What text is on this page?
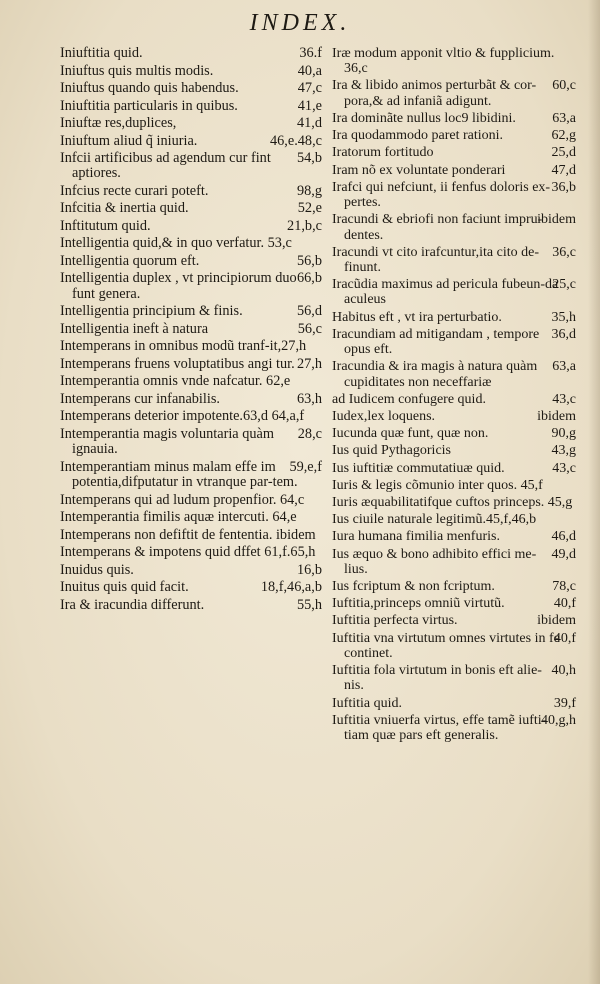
INDEX.
36.f
Iniuftitia quid.
40,a
Iniuftus quis multis modis.
47,c
Iniuftus quando quis habendus.
41,e
Iniuftitia particularis in quibus.
41,d
Iniuftæ res,duplices,
46,e.48,c
Iniuftum aliud q̃ iniuria.
54,b
Infcii artificibus ad agendum cur fint aptiores.
98,g
Infcius recte curari poteft.
52,e
Infcitia & inertia quid.
21,b,c
Inftitutum quid.
Intelligentia quid,& in quo verfatur. 53,c
56,b
Intelligentia quorum eft.
66,b
Intelligentia duplex , vt principiorum duo funt genera.
56,d
Intelligentia principium & finis.
56,c
Intelligentia ineft à natura
Intemperans in omnibus modũ tranf-it,27,h
27,h
Intemperans fruens voluptatibus angi tur.
Intemperantia omnis vnde nafcatur. 62,e
63,h
Intemperans cur infanabilis.
Intemperans deterior impotente.63,d 64,a,f
28,c
Intemperantia magis voluntaria quàm ignauia.
59,e,f
Intemperantiam minus malam effe im potentia,difputatur in vtranque par-tem.
Intemperans qui ad ludum propenfior. 64,c
Intemperantia fimilis aquæ intercuti. 64,e
Intemperans non defiftit de fententia. ibidem
Intemperans & impotens quid dffet 61,f.65,h
16,b
Inuidus quis.
18,f,46,a,b
Inuitus quis quid facit.
55,h
Ira & iracundia differunt.
Iræ modum apponit vltio & fupplicium. 36,c
60,c
Ira & libido animos perturbãt & cor-pora,& ad infaniã adigunt.
63,a
Ira dominãte nullus loc9 libidini.
62,g
Ira quodammodo paret rationi.
25,d
Iratorum fortitudo
47,d
Iram nõ ex voluntate ponderari
36,b
Irafci qui nefciunt, ii fenfus doloris ex-pertes.
ibidem
Iracundi & ebriofi non faciunt impru-dentes.
36,c
Iracundi vt cito irafcuntur,ita cito de-finunt.
25,c
Iracũdia maximus ad pericula fubeun-da aculeus
35,h
Habitus eft , vt ira perturbatio.
36,d
Iracundiam ad mitigandam , tempore opus eft.
63,a
Iracundia & ira magis à natura quàm cupiditates non neceffariæ
43,c
ad Iudicem confugere quid.
ibidem
Iudex,lex loquens.
90,g
Iucunda quæ funt, quæ non.
43,g
Ius quid Pythagoricis
43,c
Ius iuftitiæ commutatiuæ quid.
Iuris & legis cõmunio inter quos. 45,f
Iuris æquabilitatifque cuftos princeps. 45,g
Ius ciuile naturale legitimũ.45,f,46,b
46,d
Iura humana fimilia menfuris.
49,d
Ius æquo & bono adhibito effici me-lius.
78,c
Ius fcriptum & non fcriptum.
40,f
Iuftitia,princeps omniũ virtutũ.
ibidem
Iuftitia perfecta virtus.
40,f
Iuftitia vna virtutum omnes virtutes in fe continet.
40,h
Iuftitia fola virtutum in bonis eft alie-nis.
39,f
Iuftitia quid.
40,g,h
Iuftitia vniuerfa virtus, effe tamẽ iufti-tiam quæ pars eft generalis.
